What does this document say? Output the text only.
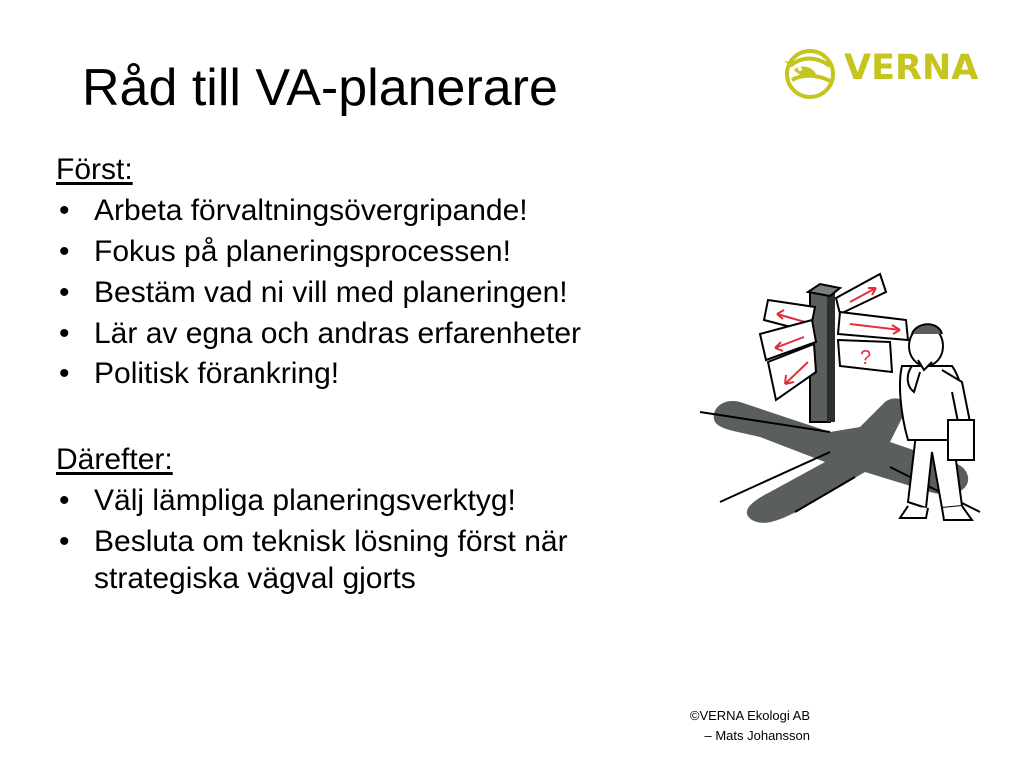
Råd till VA-planerare	VERNA
Först:
• Arbeta förvaltningsövergripande!
• Fokus på planeringsprocessen!
• Bestäm vad ni vill med planeringen!
• Lär av egna och andras erfarenheter
• Politisk förankring!
Därefter:
• Välj lämpliga planeringsverktyg!
• Besluta om teknisk lösning först när strategiska vägval gjorts
?
©VERNA Ekologi AB
– Mats Johansson
